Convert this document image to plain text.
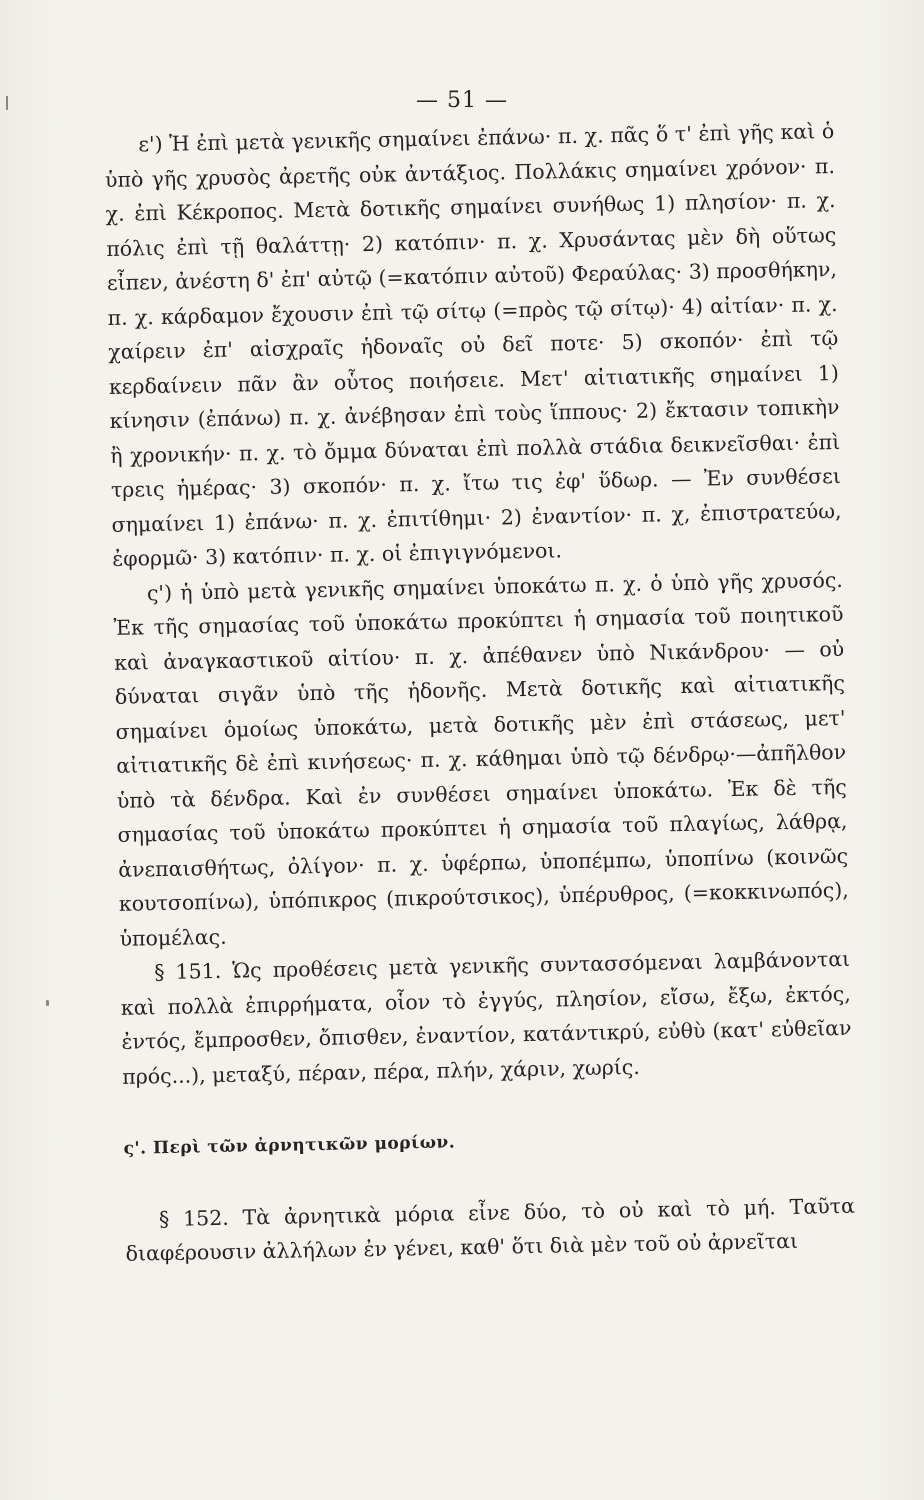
— 51 —

ε') Ἡ ἐπὶ μετὰ γενικῆς σημαίνει ἐπάνω· π. χ. πᾶς ὅ τ' ἐπὶ γῆς καὶ ὁ ὑπὸ γῆς χρυσὸς ἀρετῆς οὐκ ἀντάξιος. Πολλάκις σημαίνει χρόνον· π. χ. ἐπὶ Κέκροπος. Μετὰ δοτικῆς σημαίνει συνήθως 1) πλησίον· π. χ. πόλις ἐπὶ τῇ θαλάττῃ· 2) κατόπιν· π. χ. Χρυσάντας μὲν δὴ οὕτως εἶπεν, ἀνέστη δ' ἐπ' αὐτῷ (=κατόπιν αὐτοῦ) Φεραύλας· 3) προσθήκην, π. χ. κάρδαμον ἔχουσιν ἐπὶ τῷ σίτῳ (=πρὸς τῷ σίτῳ)· 4) αἰτίαν· π. χ. χαίρειν ἐπ' αἰσχραῖς ἡδοναῖς οὐ δεῖ ποτε· 5) σκοπόν· ἐπὶ τῷ κερδαίνειν πᾶν ἂν οὗτος ποιήσειε. Μετ' αἰτιατικῆς σημαίνει 1) κίνησιν (ἐπάνω) π. χ. ἀνέβησαν ἐπὶ τοὺς ἵππους· 2) ἔκτασιν τοπικὴν ἢ χρονικήν· π. χ. τὸ ὄμμα δύναται ἐπὶ πολλὰ στάδια δεικνεῖσθαι· ἐπὶ τρεις ἡμέρας· 3) σκοπόν· π. χ. ἴτω τις ἐφ' ὕδωρ. — Ἐν συνθέσει σημαίνει 1) ἐπάνω· π. χ. ἐπιτίθημι· 2) ἐναντίον· π. χ, ἐπιστρατεύω, ἐφορμῶ· 3) κατόπιν· π. χ. οἱ ἐπιγιγνόμενοι.

ς') ἡ ὑπὸ μετὰ γενικῆς σημαίνει ὑποκάτω π. χ. ὁ ὑπὸ γῆς χρυσός. Ἐκ τῆς σημασίας τοῦ ὑποκάτω προκύπτει ἡ σημασία τοῦ ποιητικοῦ καὶ ἀναγκαστικοῦ αἰτίου· π. χ. ἀπέθανεν ὑπὸ Νικάνδρου· — οὐ δύναται σιγᾶν ὑπὸ τῆς ἡδονῆς. Μετὰ δοτικῆς καὶ αἰτιατικῆς σημαίνει ὁμοίως ὑποκάτω, μετὰ δοτικῆς μὲν ἐπὶ στάσεως, μετ' αἰτιατικῆς δὲ ἐπὶ κινήσεως· π. χ. κάθημαι ὑπὸ τῷ δένδρῳ·—ἀπῆλθον ὑπὸ τὰ δένδρα. Καὶ ἐν συνθέσει σημαίνει ὑποκάτω. Ἐκ δὲ τῆς σημασίας τοῦ ὑποκάτω προκύπτει ἡ σημασία τοῦ πλαγίως, λάθρᾳ, ἀνεπαισθήτως, ὀλίγον· π. χ. ὑφέρπω, ὑποπέμπω, ὑποπίνω (κοινῶς κουτσοπίνω), ὑπόπικρος (πικρούτσικος), ὑπέρυθρος, (=κοκκινωπός), ὑπομέλας.

§ 151. Ὡς προθέσεις μετὰ γενικῆς συντασσόμεναι λαμβάνονται καὶ πολλὰ ἐπιρρήματα, οἷον τὸ ἐγγύς, πλησίον, εἴσω, ἔξω, ἐκτός, ἐντός, ἔμπροσθεν, ὄπισθεν, ἐναντίον, κατάντικρύ, εὐθὺ (κατ' εὐθεῖαν πρός...), μεταξύ, πέραν, πέρα, πλήν, χάριν, χωρίς.

ς'. Περὶ τῶν ἀρνητικῶν μορίων.

§ 152. Τὰ ἀρνητικὰ μόρια εἶνε δύο, τὸ οὐ καὶ τὸ μή. Ταῦτα διαφέρουσιν ἀλλήλων ἐν γένει, καθ' ὅτι διὰ μὲν τοῦ οὐ ἀρνεῖται
